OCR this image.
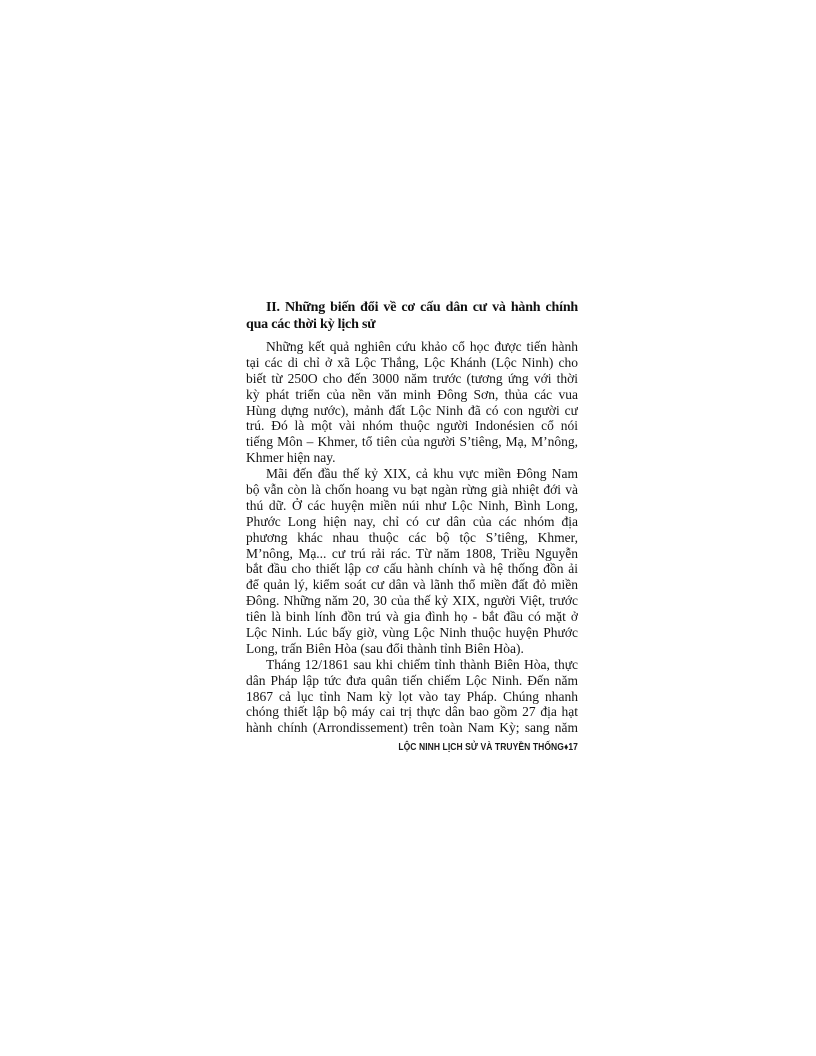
II. Những biến đổi về cơ cấu dân cư và hành chính
qua các thời kỳ lịch sử

Những kết quả nghiên cứu khảo cổ học được tiến hành
tại các di chỉ ở xã Lộc Thắng, Lộc Khánh (Lộc Ninh) cho
biết từ 250O cho đến 3000 năm trước (tương ứng với thời
kỳ phát triển của nền văn minh Đông Sơn, thủa các vua
Hùng dựng nước), mảnh đất Lộc Ninh đã có con người cư
trú. Đó là một vài nhóm thuộc người Indonésien cổ nói
tiếng Môn – Khmer, tổ tiên của người S’tiêng, Mạ, M’nông,
Khmer hiện nay.

Mãi đến đầu thế kỷ XIX, cả khu vực miền Đông Nam
bộ vẫn còn là chốn hoang vu bạt ngàn rừng già nhiệt đới và
thú dữ. Ở các huyện miền núi như Lộc Ninh, Bình Long,
Phước Long hiện nay, chỉ có cư dân của các nhóm địa
phương khác nhau thuộc các bộ tộc S’tiêng, Khmer,
M’nông, Mạ... cư trú rải rác. Từ năm 1808, Triều Nguyễn
bắt đầu cho thiết lập cơ cấu hành chính và hệ thống đồn ải
để quản lý, kiểm soát cư dân và lãnh thổ miền đất đỏ miền
Đông. Những năm 20, 30 của thế kỷ XIX, người Việt, trước
tiên là binh lính đồn trú và gia đình họ - bắt đầu có mặt ở
Lộc Ninh. Lúc bấy giờ, vùng Lộc Ninh thuộc huyện Phước
Long, trấn Biên Hòa (sau đổi thành tỉnh Biên Hòa).

Tháng 12/1861 sau khi chiếm tỉnh thành Biên Hòa, thực
dân Pháp lập tức đưa quân tiến chiếm Lộc Ninh. Đến năm
1867 cả lục tỉnh Nam kỳ lọt vào tay Pháp. Chúng nhanh
chóng thiết lập bộ máy cai trị thực dân bao gồm 27 địa hạt
hành chính (Arrondissement) trên toàn Nam Kỳ; sang năm

LỘC NINH LỊCH SỬ VÀ TRUYỀN THỐNG♦17
